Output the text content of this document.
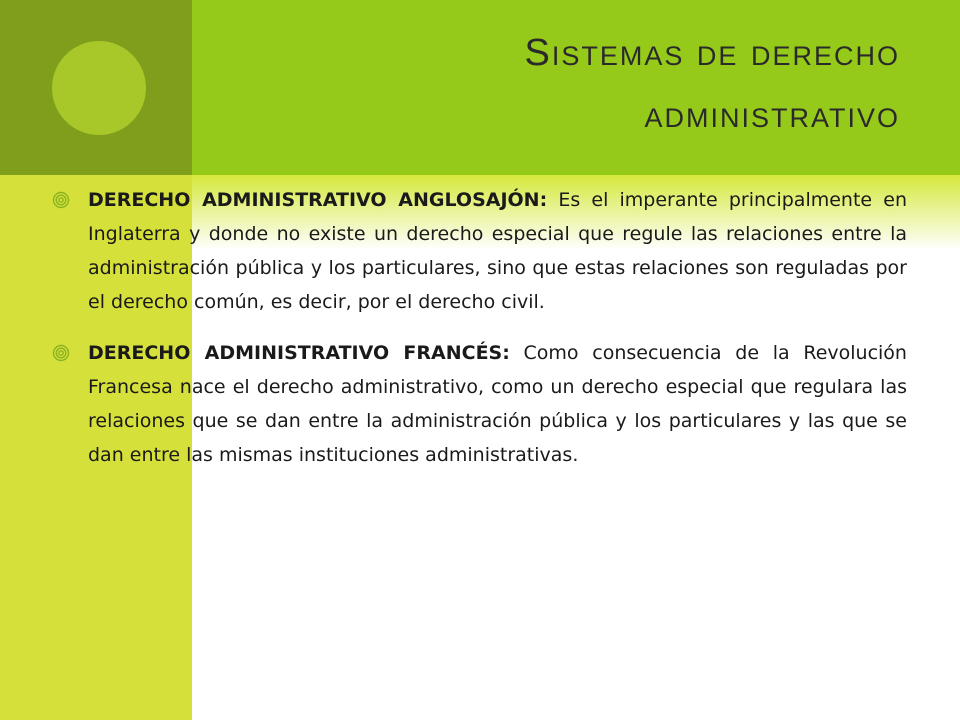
Sistemas de derecho administrativo

DERECHO ADMINISTRATIVO ANGLOSAJÓN: Es el imperante principalmente en Inglaterra y donde no existe un derecho especial que regule las relaciones entre la administración pública y los particulares, sino que estas relaciones son reguladas por el derecho común, es decir, por el derecho civil.

DERECHO ADMINISTRATIVO FRANCÉS: Como consecuencia de la Revolución Francesa nace el derecho administrativo, como un derecho especial que regulara las relaciones que se dan entre la administración pública y los particulares y las que se dan entre las mismas instituciones administrativas.
